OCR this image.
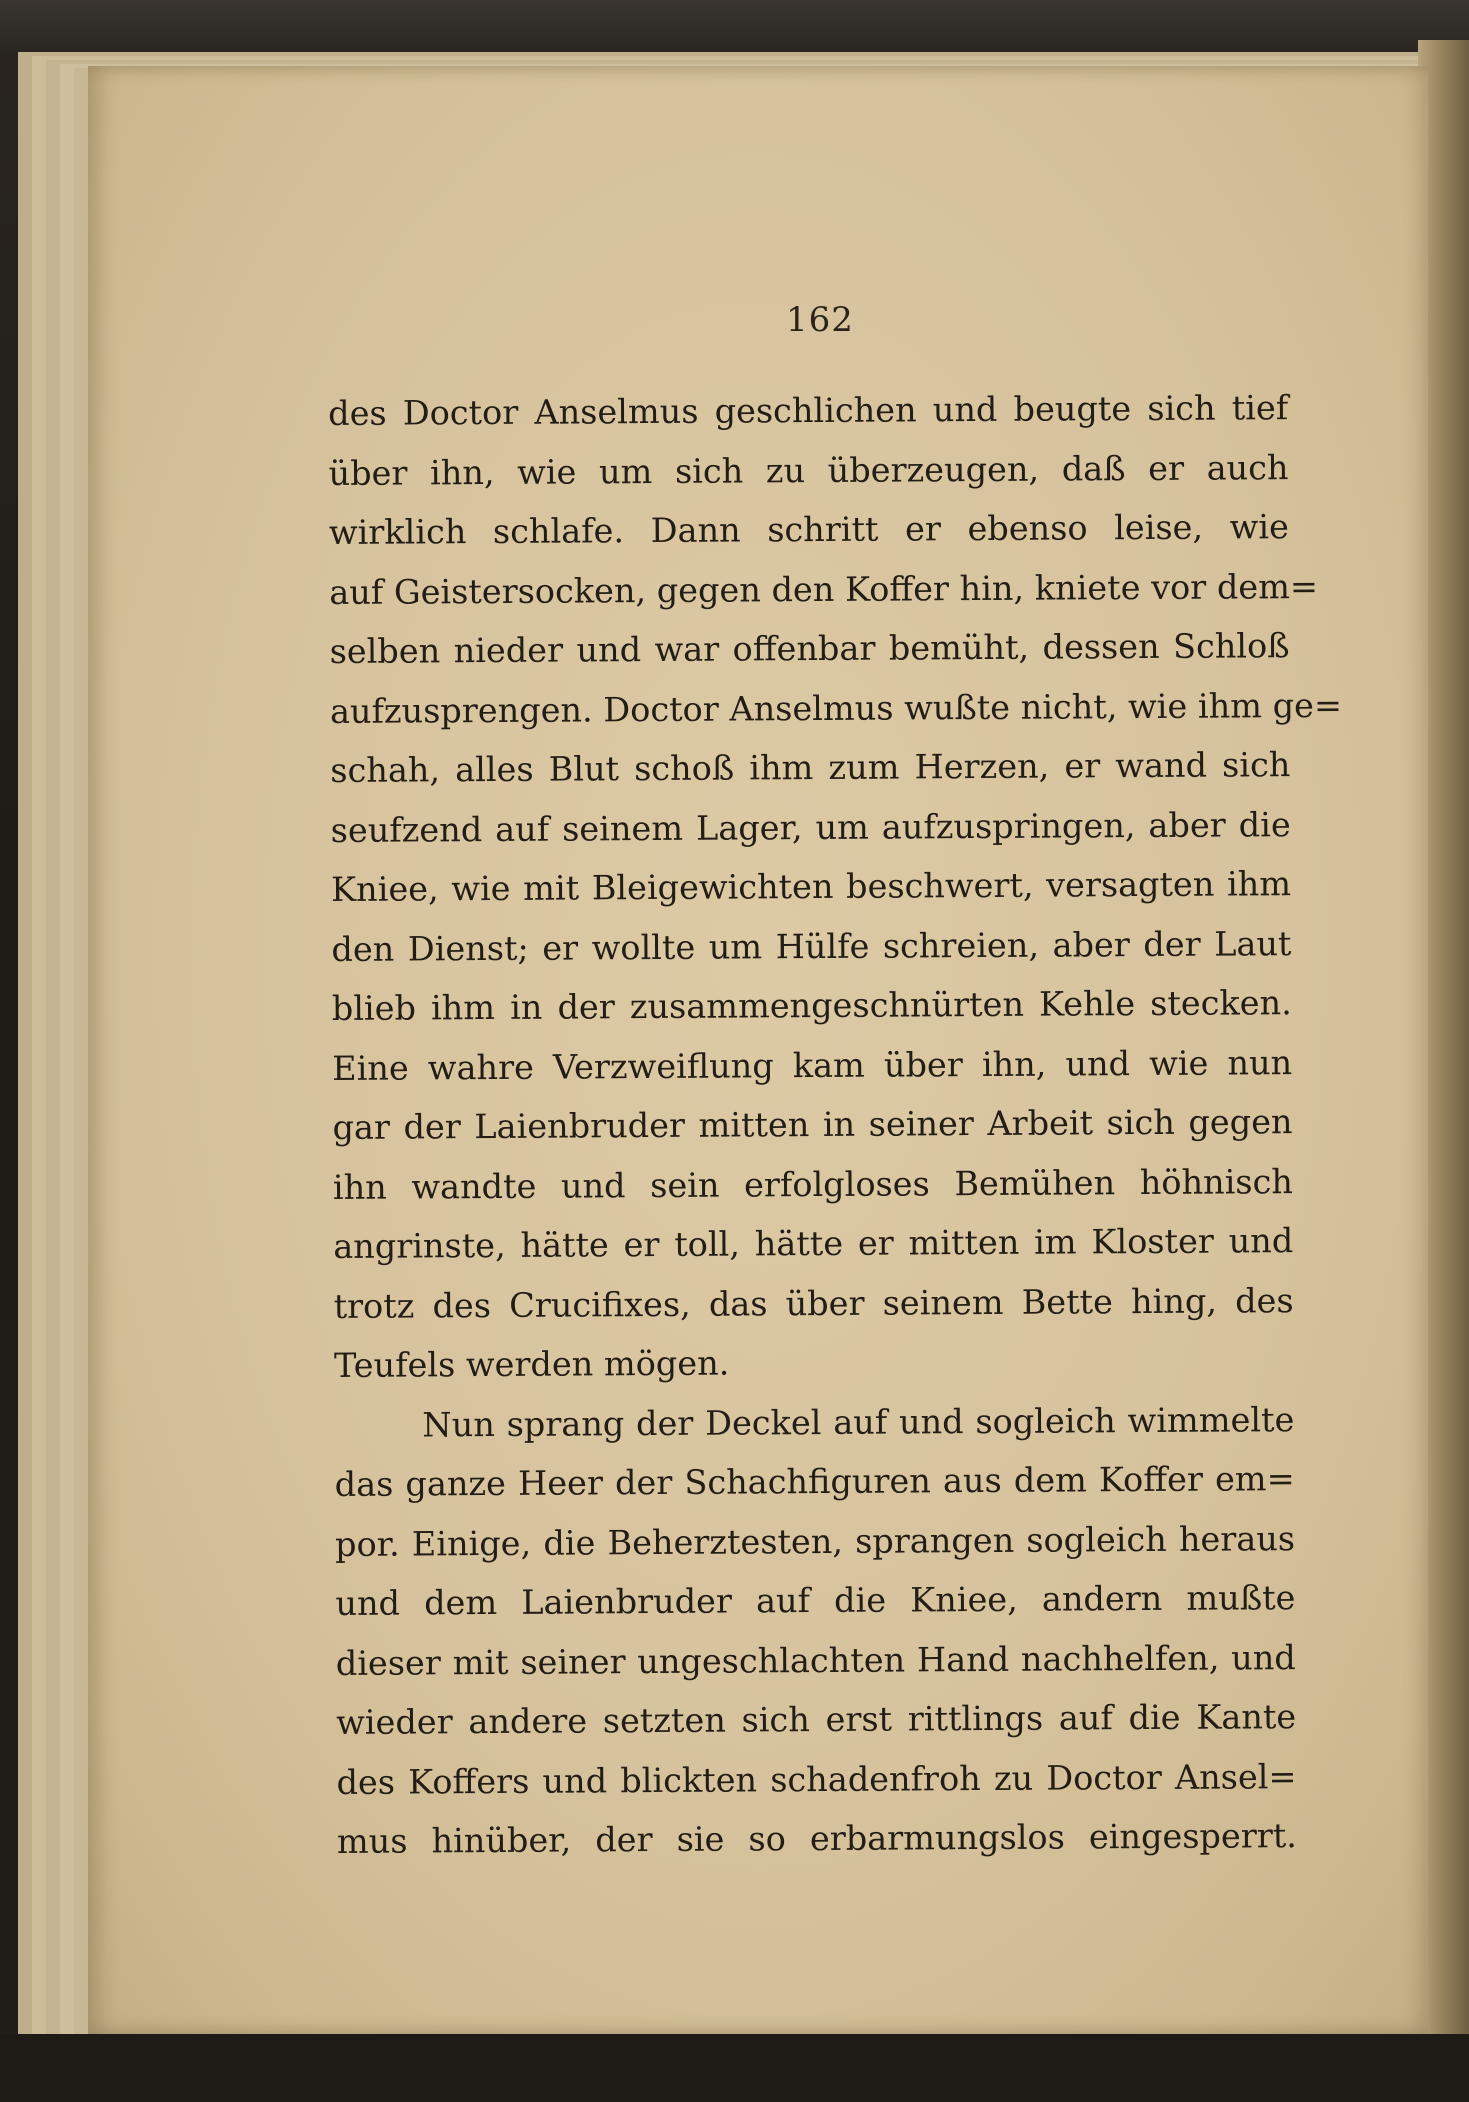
162
des Doctor Anselmus geschlichen und beugte sich tief
über ihn, wie um sich zu überzeugen, daß er auch
wirklich schlafe. Dann schritt er ebenso leise, wie
auf Geistersocken, gegen den Koffer hin, kniete vor dem=
selben nieder und war offenbar bemüht, dessen Schloß
aufzusprengen. Doctor Anselmus wußte nicht, wie ihm ge=
schah, alles Blut schoß ihm zum Herzen, er wand sich
seufzend auf seinem Lager, um aufzuspringen, aber die
Kniee, wie mit Bleigewichten beschwert, versagten ihm
den Dienst; er wollte um Hülfe schreien, aber der Laut
blieb ihm in der zusammengeschnürten Kehle stecken.
Eine wahre Verzweiflung kam über ihn, und wie nun
gar der Laienbruder mitten in seiner Arbeit sich gegen
ihn wandte und sein erfolgloses Bemühen höhnisch
angrinste, hätte er toll, hätte er mitten im Kloster und
trotz des Crucifixes, das über seinem Bette hing, des
Teufels werden mögen.
Nun sprang der Deckel auf und sogleich wimmelte
das ganze Heer der Schachfiguren aus dem Koffer em=
por. Einige, die Beherztesten, sprangen sogleich heraus
und dem Laienbruder auf die Kniee, andern mußte
dieser mit seiner ungeschlachten Hand nachhelfen, und
wieder andere setzten sich erst rittlings auf die Kante
des Koffers und blickten schadenfroh zu Doctor Ansel=
mus hinüber, der sie so erbarmungslos eingesperrt.
